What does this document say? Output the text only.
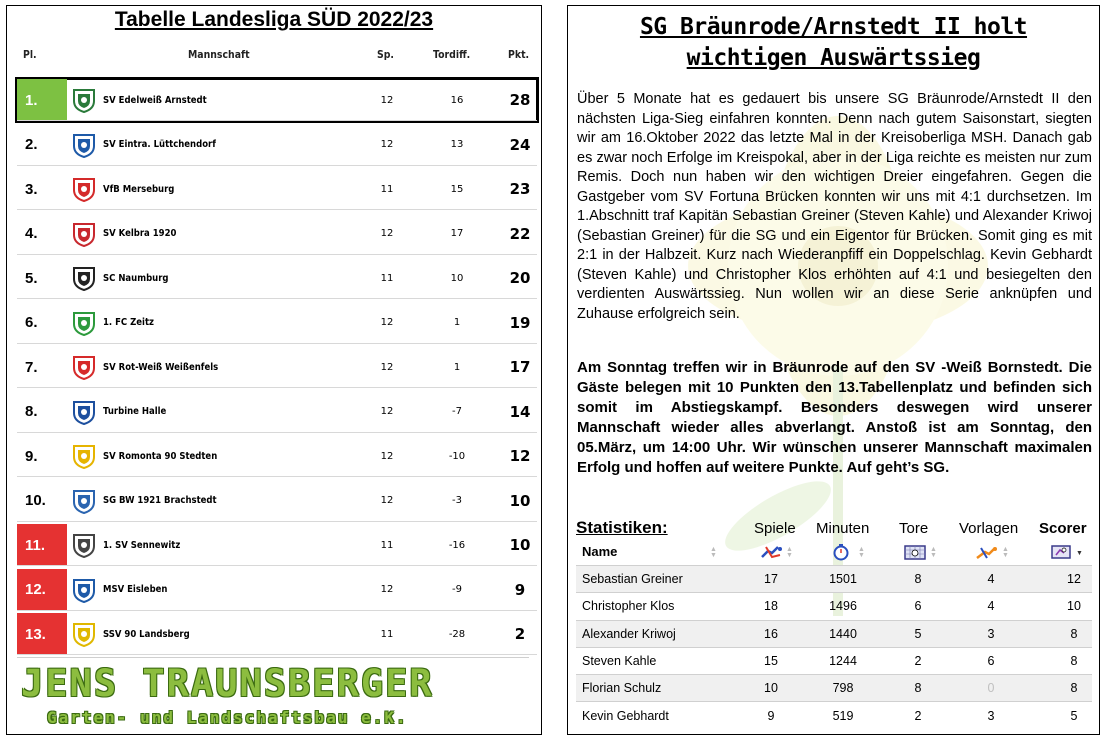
Tabelle Landesliga SÜD 2022/23
Pl.	Mannschaft	Sp.	Tordiff.	Pkt.
1.	SV Edelweiß Arnstedt	12	16	28
2.	SV Eintra. Lüttchendorf	12	13	24
3.	VfB Merseburg	11	15	23
4.	SV Kelbra 1920	12	17	22
5.	SC Naumburg	11	10	20
6.	1. FC Zeitz	12	1	19
7.	SV Rot-Weiß Weißenfels	12	1	17
8.	Turbine Halle	12	-7	14
9.	SV Romonta 90 Stedten	12	-10	12
10.	SG BW 1921 Brachstedt	12	-3	10
11.	1. SV Sennewitz	11	-16	10
12.	MSV Eisleben	12	-9	9
13.	SSV 90 Landsberg	11	-28	2
JENS TRAUNSBERGER
Garten- und Landschaftsbau e.K.
SG Bräunrode/Arnstedt II holt
wichtigen Auswärtssieg
Über 5 Monate hat es gedauert bis unsere SG Bräunrode/Arnstedt II den nächsten Liga-Sieg einfahren konnten. Denn nach gutem Saisonstart, siegten wir am 16.Oktober 2022 das letzte Mal in der Kreisoberliga MSH. Danach gab es zwar noch Erfolge im Kreispokal, aber in der Liga reichte es meisten nur zum Remis. Doch nun haben wir den wichtigen Dreier eingefahren. Gegen die Gastgeber vom SV Fortuna Brücken konnten wir uns mit 4:1 durchsetzen. Im 1.Abschnitt traf Kapitän Sebastian Greiner (Steven Kahle) und Alexander Kriwoj (Sebastian Greiner) für die SG und ein Eigentor für Brücken. Somit ging es mit 2:1 in der Halbzeit. Kurz nach Wiederanpfiff ein Doppelschlag. Kevin Gebhardt (Steven Kahle) und Christopher Klos erhöhten auf 4:1 und besiegelten den verdienten Auswärtssieg. Nun wollen wir an diese Serie anknüpfen und Zuhause erfolgreich sein.
Am Sonntag treffen wir in Bräunrode auf den SV -Weiß Bornstedt. Die Gäste belegen mit 10 Punkten den 13.Tabellenplatz und befinden sich somit im Abstiegskampf. Besonders deswegen wird unserer Mannschaft wieder alles abverlangt. Anstoß ist am Sonntag, den 05.März, um 14:00 Uhr. Wir wünschen unserer Mannschaft maximalen Erfolg und hoffen auf weitere Punkte. Auf geht’s SG.
Statistiken:	Spiele Minuten Tore Vorlagen Scorer
Name	▲
▼
▲
▼
▲
▼
▲
▼
▲
▼	▼
Sebastian Greiner	17	1501	8	4	12
Christopher Klos	18	1496	6	4	10
Alexander Kriwoj	16	1440	5	3	8
Steven Kahle	15	1244	2	6	8
Florian Schulz	10	798	8	0	8
Kevin Gebhardt	9	519	2	3	5
